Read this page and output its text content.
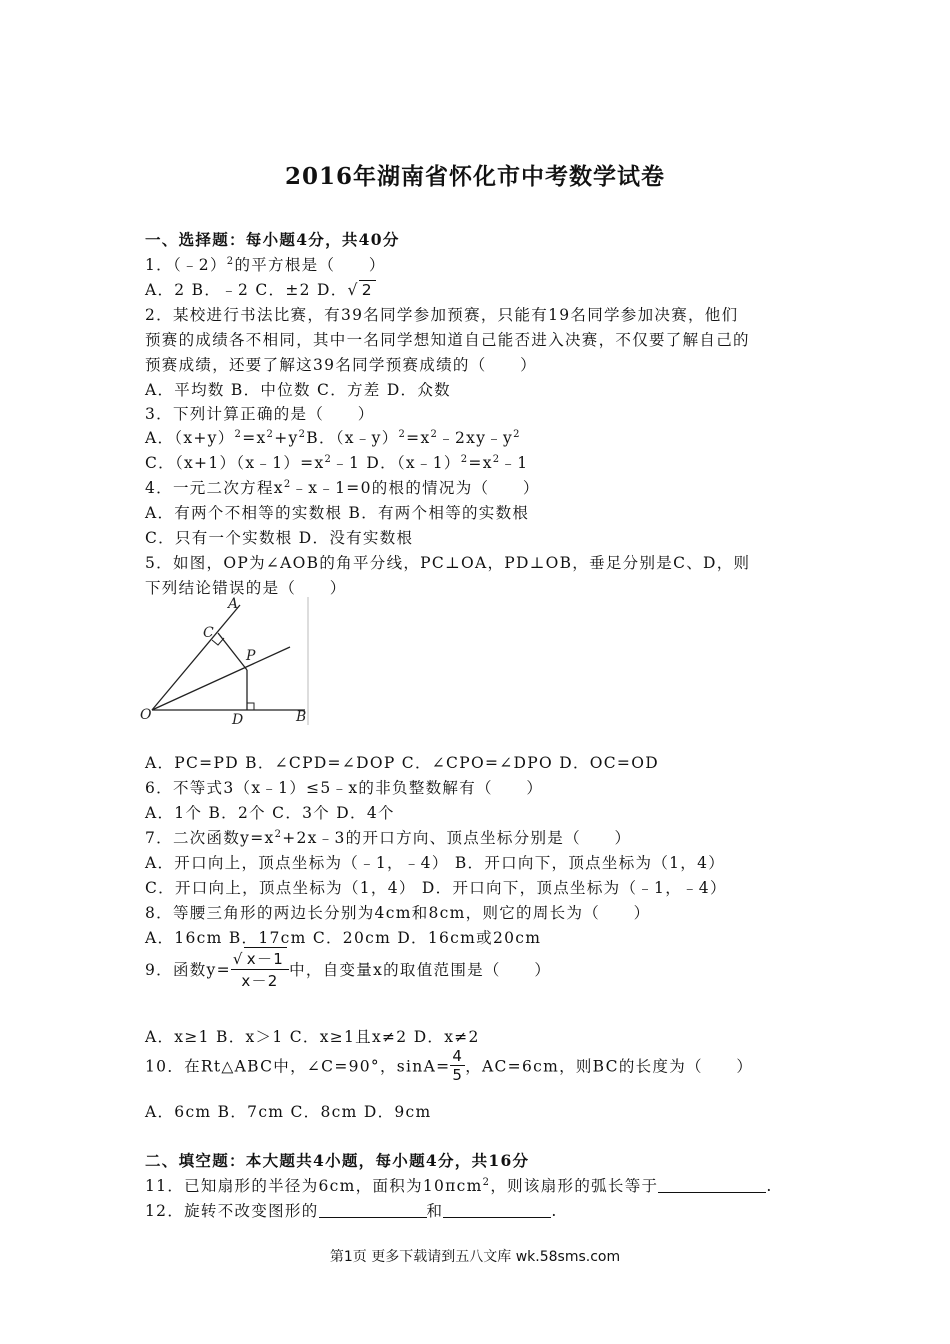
2016年湖南省怀化市中考数学试卷
一、选择题：每小题4分，共40分
1．（﹣2）$^2$的平方根是（　　）
A．2 B．﹣2 C．±2 D．√ 2
2．某校进行书法比赛，有39名同学参加预赛，只能有19名同学参加决赛，他们
预赛的成绩各不相同，其中一名同学想知道自己能否进入决赛，不仅要了解自己的
预赛成绩，还要了解这39名同学预赛成绩的（　　）
A．平均数 B．中位数 C．方差 D．众数
3．下列计算正确的是（　　）
A．$(x+y)^2=x^2+y^2B$．$(x﹣y)^2=x^2﹣2xy﹣y^2$
C．$(x+1)(x﹣1)=x^2﹣1$ D．$(x﹣1)^2=x^2﹣1$
4．一元二次方程$x^2﹣x﹣1=0$的根的情况为（　　）
A．有两个不相等的实数根 B．有两个相等的实数根
C．只有一个实数根 D．没有实数根
5．如图，OP为∠AOB的角平分线，PC⊥OA，PD⊥OB，垂足分别是C、D，则
下列结论错误的是（　　）
A
C
P
O	D	B
A．PC=PD B．∠CPD=∠DOP C．∠CPO=∠DPO D．OC=OD
6．不等式3（x﹣1）≤5﹣x的非负整数解有（　　）
A．1个 B．2个 C．3个 D．4个
7．二次函数$y=x^2+2x﹣3$的开口方向、顶点坐标分别是（　　）
A．开口向上，顶点坐标为（﹣1，﹣4） B．开口向下，顶点坐标为（1，4）
C．开口向上，顶点坐标为（1，4） D．开口向下，顶点坐标为（﹣1，﹣4）
8．等腰三角形的两边长分别为4cm和8cm，则它的周长为（　　）
A．16cm B．17cm C．20cm D．16cm或20cm
9．函数$y= \frac{√ x-1}{x-2}$ 中，自变量x的取值范围是（　　）
A．x≥1 B．x＞1 C．x≥1且x≠2 D．x≠2
10．在Rt△ABC中，∠C=90°，$\sin A= \frac{4}{5}$ ，AC=6cm，则BC的长度为（　　）
A．6cm B．7cm C．8cm D．9cm
二、填空题：本大题共4小题，每小题4分，共16分
11．已知扇形的半径为6cm，面积为10πcm$^2$，则该扇形的弧长等于	.
12．旋转不改变图形的	和	.
第1页 更多下载请到五八文库 wk.58sms.com
